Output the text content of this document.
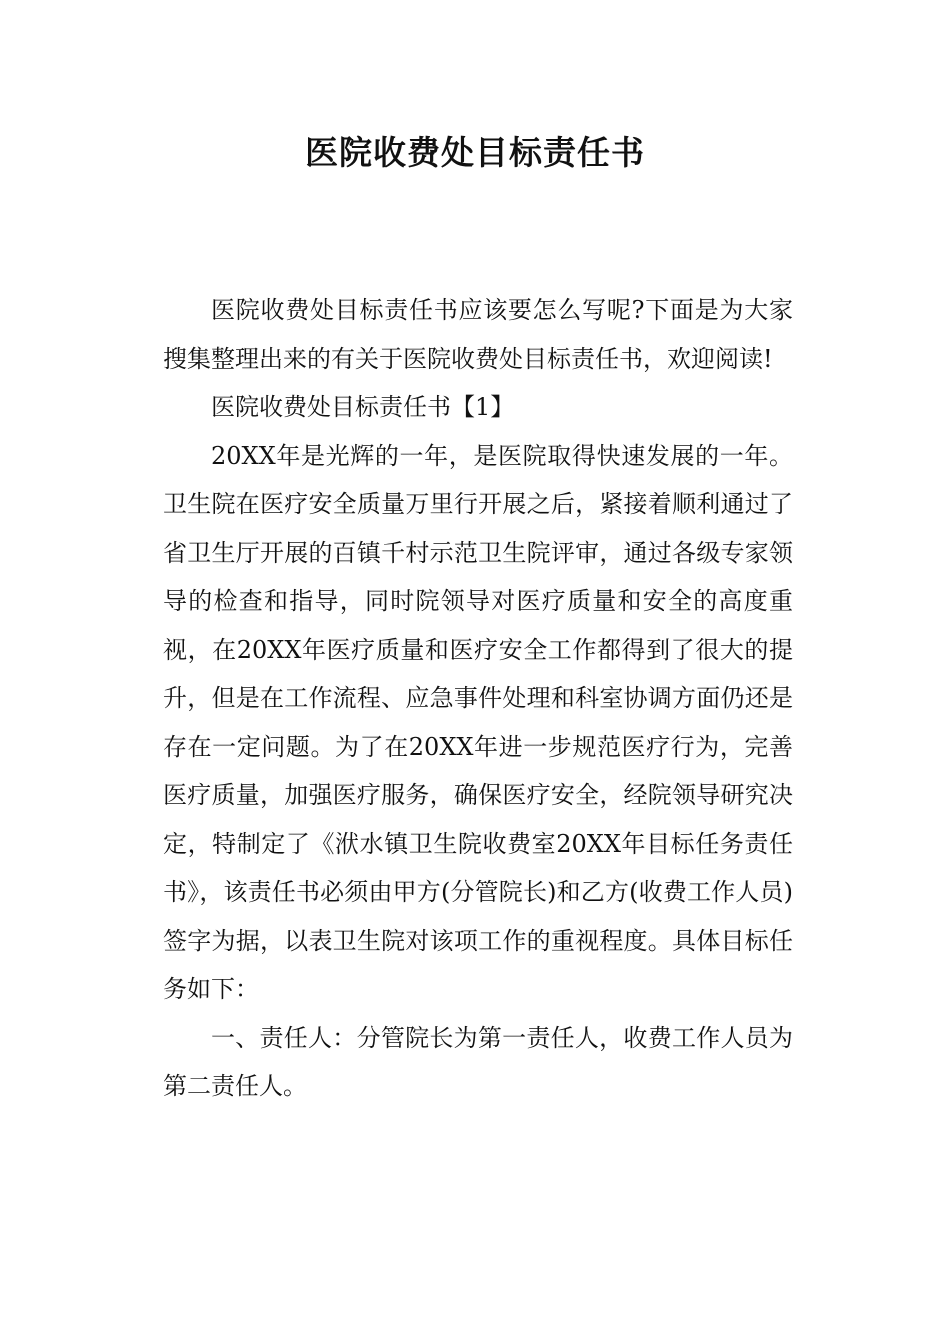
医院收费处目标责任书

医院收费处目标责任书应该要怎么写呢?下面是为大家搜集整理出来的有关于医院收费处目标责任书，欢迎阅读!

医院收费处目标责任书【1】

20XX年是光辉的一年，是医院取得快速发展的一年。卫生院在医疗安全质量万里行开展之后，紧接着顺利通过了省卫生厅开展的百镇千村示范卫生院评审，通过各级专家领导的检查和指导，同时院领导对医疗质量和安全的高度重视，在20XX年医疗质量和医疗安全工作都得到了很大的提升，但是在工作流程、应急事件处理和科室协调方面仍还是存在一定问题。为了在20XX年进一步规范医疗行为，完善医疗质量，加强医疗服务，确保医疗安全，经院领导研究决定，特制定了《洑水镇卫生院收费室20XX年目标任务责任书》，该责任书必须由甲方(分管院长)和乙方(收费工作人员)签字为据，以表卫生院对该项工作的重视程度。具体目标任务如下：

一、责任人：分管院长为第一责任人，收费工作人员为第二责任人。
